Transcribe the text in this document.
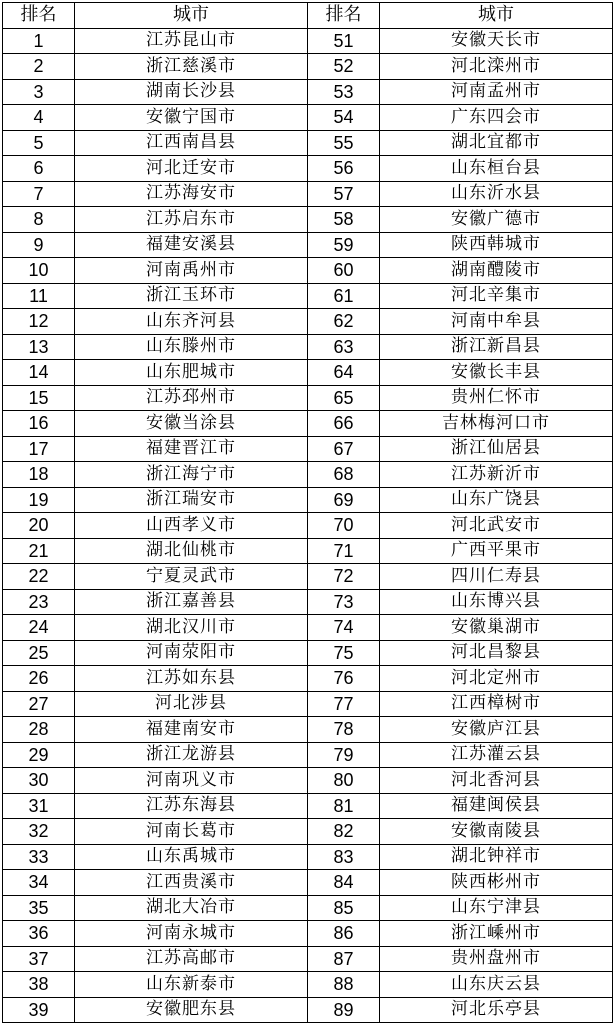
排名	城市	排名	城市
1	江苏昆山市	51	安徽天长市
2	浙江慈溪市	52	河北滦州市
3	湖南长沙县	53	河南孟州市
4	安徽宁国市	54	广东四会市
5	江西南昌县	55	湖北宜都市
6	河北迁安市	56	山东桓台县
7	江苏海安市	57	山东沂水县
8	江苏启东市	58	安徽广德市
9	福建安溪县	59	陕西韩城市
10	河南禹州市	60	湖南醴陵市
11	浙江玉环市	61	河北辛集市
12	山东齐河县	62	河南中牟县
13	山东滕州市	63	浙江新昌县
14	山东肥城市	64	安徽长丰县
15	江苏邳州市	65	贵州仁怀市
16	安徽当涂县	66	吉林梅河口市
17	福建晋江市	67	浙江仙居县
18	浙江海宁市	68	江苏新沂市
19	浙江瑞安市	69	山东广饶县
20	山西孝义市	70	河北武安市
21	湖北仙桃市	71	广西平果市
22	宁夏灵武市	72	四川仁寿县
23	浙江嘉善县	73	山东博兴县
24	湖北汉川市	74	安徽巢湖市
25	河南荥阳市	75	河北昌黎县
26	江苏如东县	76	河北定州市
27	河北涉县	77	江西樟树市
28	福建南安市	78	安徽庐江县
29	浙江龙游县	79	江苏灌云县
30	河南巩义市	80	河北香河县
31	江苏东海县	81	福建闽侯县
32	河南长葛市	82	安徽南陵县
33	山东禹城市	83	湖北钟祥市
34	江西贵溪市	84	陕西彬州市
35	湖北大冶市	85	山东宁津县
36	河南永城市	86	浙江嵊州市
37	江苏高邮市	87	贵州盘州市
38	山东新泰市	88	山东庆云县
39	安徽肥东县	89	河北乐亭县
